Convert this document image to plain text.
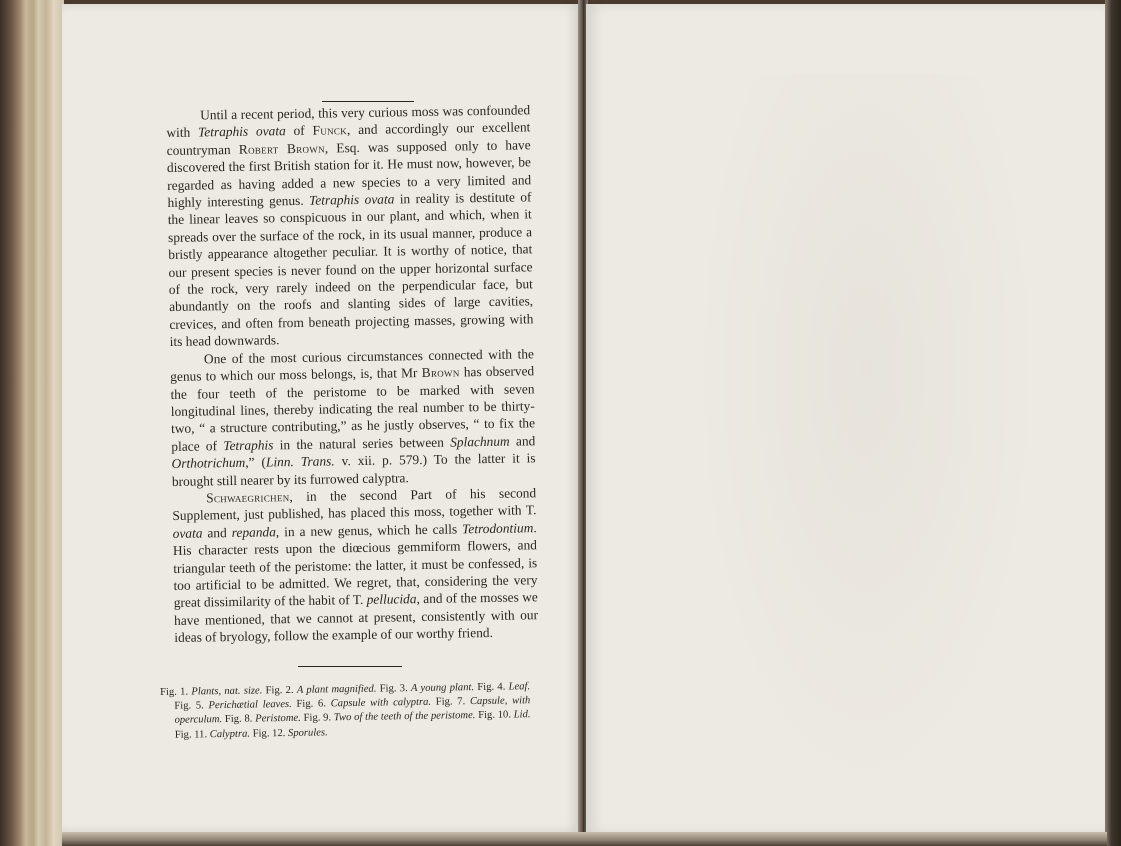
Until a recent period, this very curious moss was confounded with Tetraphis ovata of Funck, and accordingly our excellent countryman Robert Brown, Esq. was supposed only to have discovered the first British station for it. He must now, however, be regarded as having added a new species to a very limited and highly interesting genus. Tetraphis ovata in reality is destitute of the linear leaves so conspicuous in our plant, and which, when it spreads over the surface of the rock, in its usual manner, produce a bristly appearance altogether peculiar. It is worthy of notice, that our present species is never found on the upper horizontal surface of the rock, very rarely indeed on the perpendicular face, but abundantly on the roofs and slanting sides of large cavities, crevices, and often from beneath projecting masses, growing with its head downwards.

One of the most curious circumstances connected with the genus to which our moss belongs, is, that Mr Brown has observed the four teeth of the peristome to be marked with seven longitudinal lines, thereby indicating the real number to be thirty-two, “ a structure contributing,” as he justly observes, “ to fix the place of Tetraphis in the natural series between Splachnum and Orthotrichum,” (Linn. Trans. v. xii. p. 579.) To the latter it is brought still nearer by its furrowed calyptra.

Schwaegrichen, in the second Part of his second Supplement, just published, has placed this moss, together with T. ovata and repanda, in a new genus, which he calls Tetrodontium. His character rests upon the diœcious gemmiform flowers, and triangular teeth of the peristome: the latter, it must be confessed, is too artificial to be admitted. We regret, that, considering the very great dissimilarity of the habit of T. pellucida, and of the mosses we have mentioned, that we cannot at present, consistently with our ideas of bryology, follow the example of our worthy friend.

Fig. 1. Plants, nat. size. Fig. 2. A plant magnified. Fig. 3. A young plant. Fig. 4. Leaf. Fig. 5. Perichætial leaves. Fig. 6. Capsule with calyptra. Fig. 7. Capsule, with operculum. Fig. 8. Peristome. Fig. 9. Two of the teeth of the peristome. Fig. 10. Lid. Fig. 11. Calyptra. Fig. 12. Sporules.
